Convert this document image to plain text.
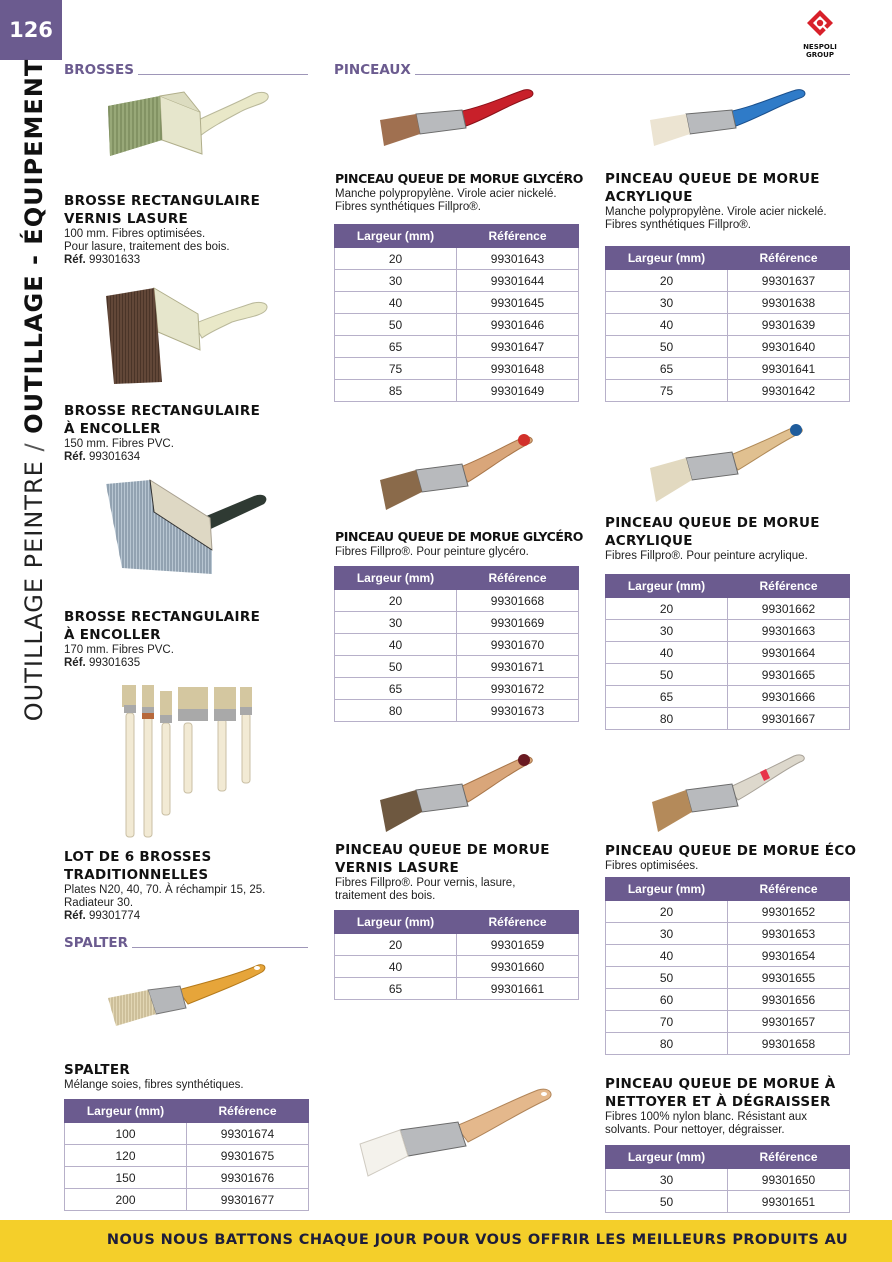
126
OUTILLAGE PEINTRE / OUTILLAGE - ÉQUIPEMENT
NESPOLI
GROUP
BROSSES	PINCEAUX
SPALTER
BROSSE RECTANGULAIRE
VERNIS LASURE
100 mm. Fibres optimisées.
Pour lasure, traitement des bois.
Réf. 99301633
BROSSE RECTANGULAIRE
À ENCOLLER
150 mm. Fibres PVC.
Réf. 99301634
BROSSE RECTANGULAIRE
À ENCOLLER
170 mm. Fibres PVC.
Réf. 99301635
LOT DE 6 BROSSES
TRADITIONNELLES
Plates N20, 40, 70. À réchampir 15, 25.
Radiateur 30.
Réf. 99301774
SPALTER
Mélange soies, fibres synthétiques.
Largeur (mm)	Référence
100	99301674
120	99301675
150	99301676
200	99301677
PINCEAU QUEUE DE MORUE GLYCÉRO
Manche polypropylène. Virole acier nickelé.
Fibres synthétiques Fillpro®.
Largeur (mm)	Référence
20	99301643
30	99301644
40	99301645
50	99301646
65	99301647
75	99301648
85	99301649
PINCEAU QUEUE DE MORUE GLYCÉRO
Fibres Fillpro®. Pour peinture glycéro.
Largeur (mm)	Référence
20	99301668
30	99301669
40	99301670
50	99301671
65	99301672
80	99301673
PINCEAU QUEUE DE MORUE
VERNIS LASURE
Fibres Fillpro®. Pour vernis, lasure,
traitement des bois.
Largeur (mm)	Référence
20	99301659
40	99301660
65	99301661
PINCEAU QUEUE DE MORUE
ACRYLIQUE
Manche polypropylène. Virole acier nickelé.
Fibres synthétiques Fillpro®.
Largeur (mm)	Référence
20	99301637
30	99301638
40	99301639
50	99301640
65	99301641
75	99301642
PINCEAU QUEUE DE MORUE
ACRYLIQUE
Fibres Fillpro®. Pour peinture acrylique.
Largeur (mm)	Référence
20	99301662
30	99301663
40	99301664
50	99301665
65	99301666
80	99301667
PINCEAU QUEUE DE MORUE ÉCO
Fibres optimisées.
Largeur (mm)	Référence
20	99301652
30	99301653
40	99301654
50	99301655
60	99301656
70	99301657
80	99301658
PINCEAU QUEUE DE MORUE À
NETTOYER ET À DÉGRAISSER
Fibres 100% nylon blanc. Résistant aux
solvants. Pour nettoyer, dégraisser.
Largeur (mm)	Référence
30	99301650
50	99301651
NOUS NOUS BATTONS CHAQUE JOUR POUR VOUS OFFRIR LES MEILLEURS PRODUITS AU
